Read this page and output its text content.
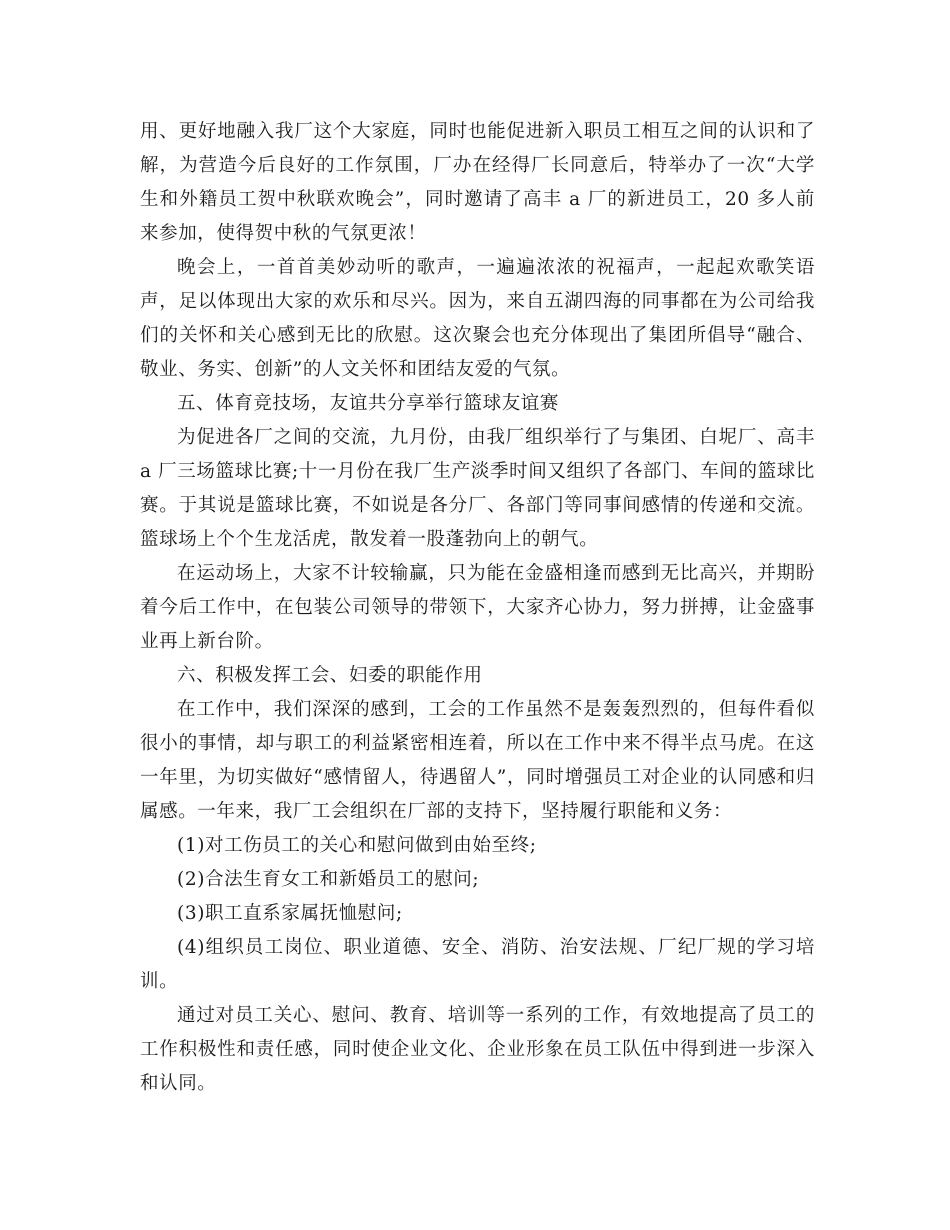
用、更好地融入我厂这个大家庭，同时也能促进新入职员工相互之间的认识和了解，为营造今后良好的工作氛围，厂办在经得厂长同意后，特举办了一次“大学生和外籍员工贺中秋联欢晚会”，同时邀请了高丰 a 厂的新进员工，20 多人前来参加，使得贺中秋的气氛更浓！

晚会上，一首首美妙动听的歌声，一遍遍浓浓的祝福声，一起起欢歌笑语声，足以体现出大家的欢乐和尽兴。因为，来自五湖四海的同事都在为公司给我们的关怀和关心感到无比的欣慰。这次聚会也充分体现出了集团所倡导“融合、敬业、务实、创新”的人文关怀和团结友爱的气氛。

五、体育竞技场，友谊共分享举行篮球友谊赛

为促进各厂之间的交流，九月份，由我厂组织举行了与集团、白坭厂、高丰 a 厂三场篮球比赛;十一月份在我厂生产淡季时间又组织了各部门、车间的篮球比赛。于其说是篮球比赛，不如说是各分厂、各部门等同事间感情的传递和交流。篮球场上个个生龙活虎，散发着一股蓬勃向上的朝气。

在运动场上，大家不计较输赢，只为能在金盛相逢而感到无比高兴，并期盼着今后工作中，在包装公司领导的带领下，大家齐心协力，努力拼搏，让金盛事业再上新台阶。

六、积极发挥工会、妇委的职能作用

在工作中，我们深深的感到，工会的工作虽然不是轰轰烈烈的，但每件看似很小的事情，却与职工的利益紧密相连着，所以在工作中来不得半点马虎。在这一年里，为切实做好“感情留人，待遇留人”，同时增强员工对企业的认同感和归属感。一年来，我厂工会组织在厂部的支持下，坚持履行职能和义务：

(1)对工伤员工的关心和慰问做到由始至终;

(2)合法生育女工和新婚员工的慰问;

(3)职工直系家属抚恤慰问;

(4)组织员工岗位、职业道德、安全、消防、治安法规、厂纪厂规的学习培训。

通过对员工关心、慰问、教育、培训等一系列的工作，有效地提高了员工的工作积极性和责任感，同时使企业文化、企业形象在员工队伍中得到进一步深入和认同。
